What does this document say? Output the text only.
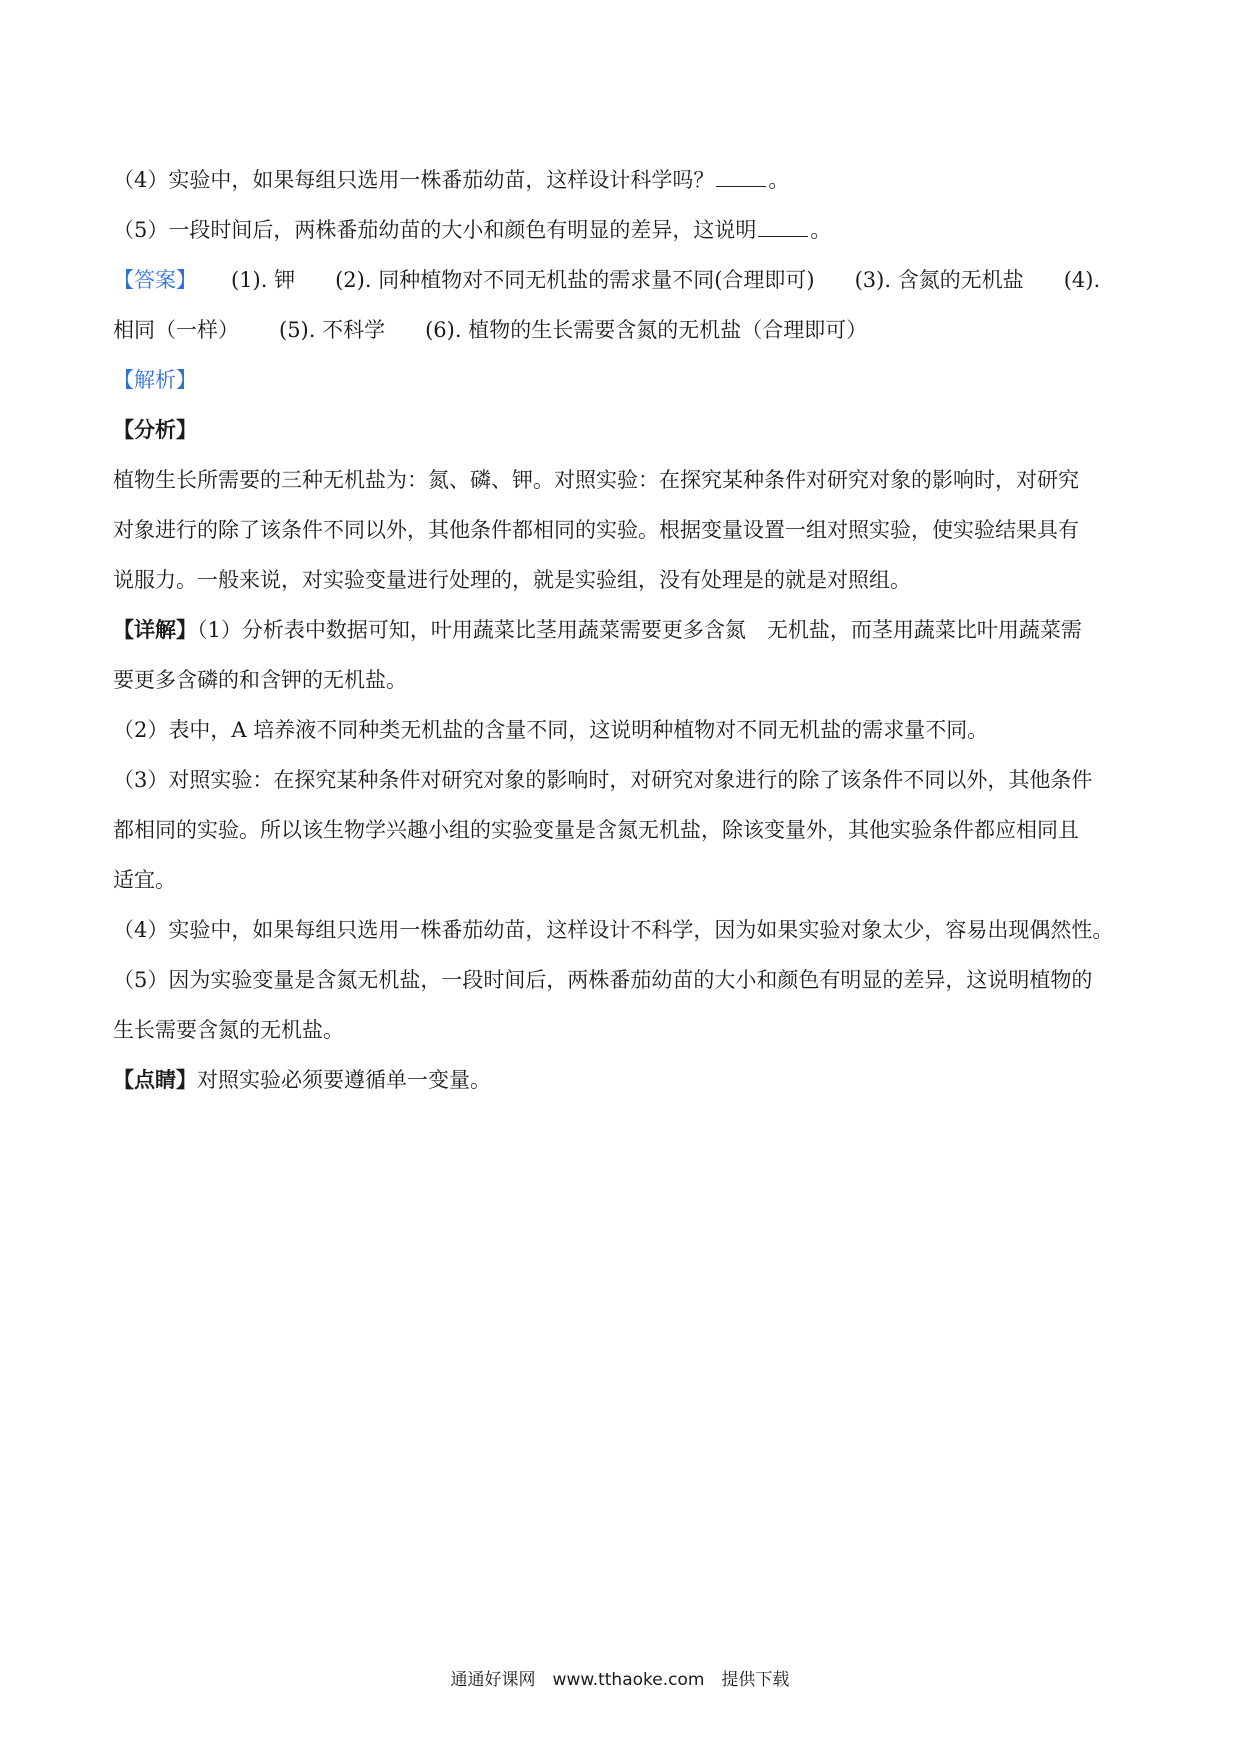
（4）实验中，如果每组只选用一株番茄幼苗，这样设计科学吗？	。
（5）一段时间后，两株番茄幼苗的大小和颜色有明显的差异，这说明	。
【答案】 (1). 钾 (2). 同种植物对不同无机盐的需求量不同(合理即可) (3). 含氮的无机盐 (4).
相同（一样） (5). 不科学 (6). 植物的生长需要含氮的无机盐（合理即可）
【解析】
【分析】
植物生长所需要的三种无机盐为：氮、磷、钾。对照实验：在探究某种条件对研究对象的影响时，对研究
对象进行的除了该条件不同以外，其他条件都相同的实验。根据变量设置一组对照实验，使实验结果具有
说服力。一般来说，对实验变量进行处理的，就是实验组，没有处理是的就是对照组。
【详解】（1）分析表中数据可知，叶用蔬菜比茎用蔬菜需要更多含氮　无机盐，而茎用蔬菜比叶用蔬菜需
要更多含磷的和含钾的无机盐。
（2）表中，A 培养液不同种类无机盐的含量不同，这说明种植物对不同无机盐的需求量不同。
（3）对照实验：在探究某种条件对研究对象的影响时，对研究对象进行的除了该条件不同以外，其他条件
都相同的实验。所以该生物学兴趣小组的实验变量是含氮无机盐，除该变量外，其他实验条件都应相同且
适宜。
（4）实验中，如果每组只选用一株番茄幼苗，这样设计不科学，因为如果实验对象太少，容易出现偶然性。
（5）因为实验变量是含氮无机盐，一段时间后，两株番茄幼苗的大小和颜色有明显的差异，这说明植物的
生长需要含氮的无机盐。
【点睛】对照实验必须要遵循单一变量。
通通好课网　www.tthaoke.com　提供下载
